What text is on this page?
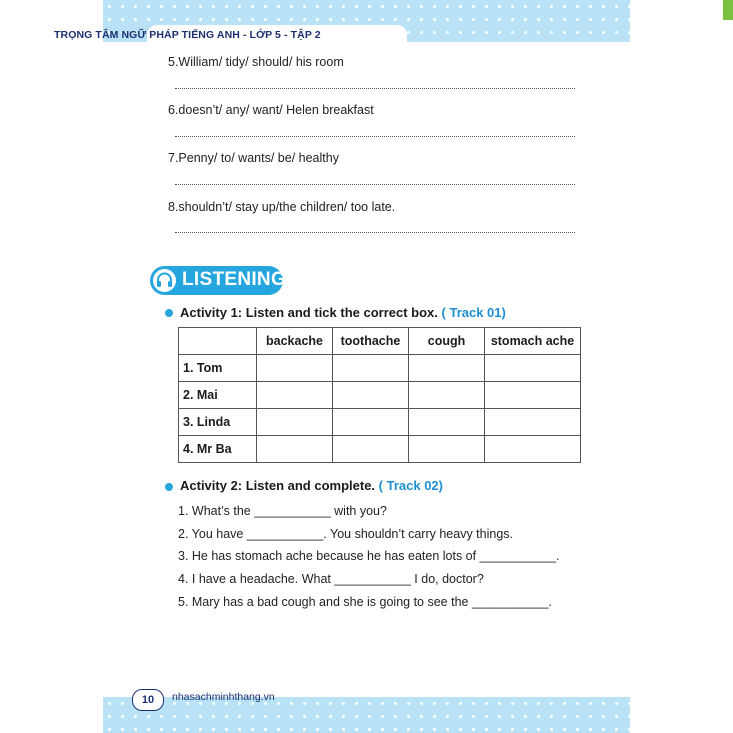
TRỌNG TÂM NGỮ PHÁP TIẾNG ANH - LỚP 5 - TẬP 2
5.William/ tidy/ should/ his room
6.doesn’t/ any/ want/ Helen breakfast
7.Penny/ to/ wants/ be/ healthy
8.shouldn’t/ stay up/the children/ too late.
LISTENING
Activity 1: Listen and tick the correct box. ( Track 01)
	backache	toothache	cough	stomach ache
1. Tom				
2. Mai				
3. Linda				
4. Mr Ba				
Activity 2: Listen and complete. ( Track 02)
1. What’s the ___________ with you?
2. You have ___________. You shouldn’t carry heavy things.
3. He has stomach ache because he has eaten lots of ___________.
4. I have a headache. What ___________ I do, doctor?
5. Mary has a bad cough and she is going to see the ___________.
10	nhasachminhthang.vn
